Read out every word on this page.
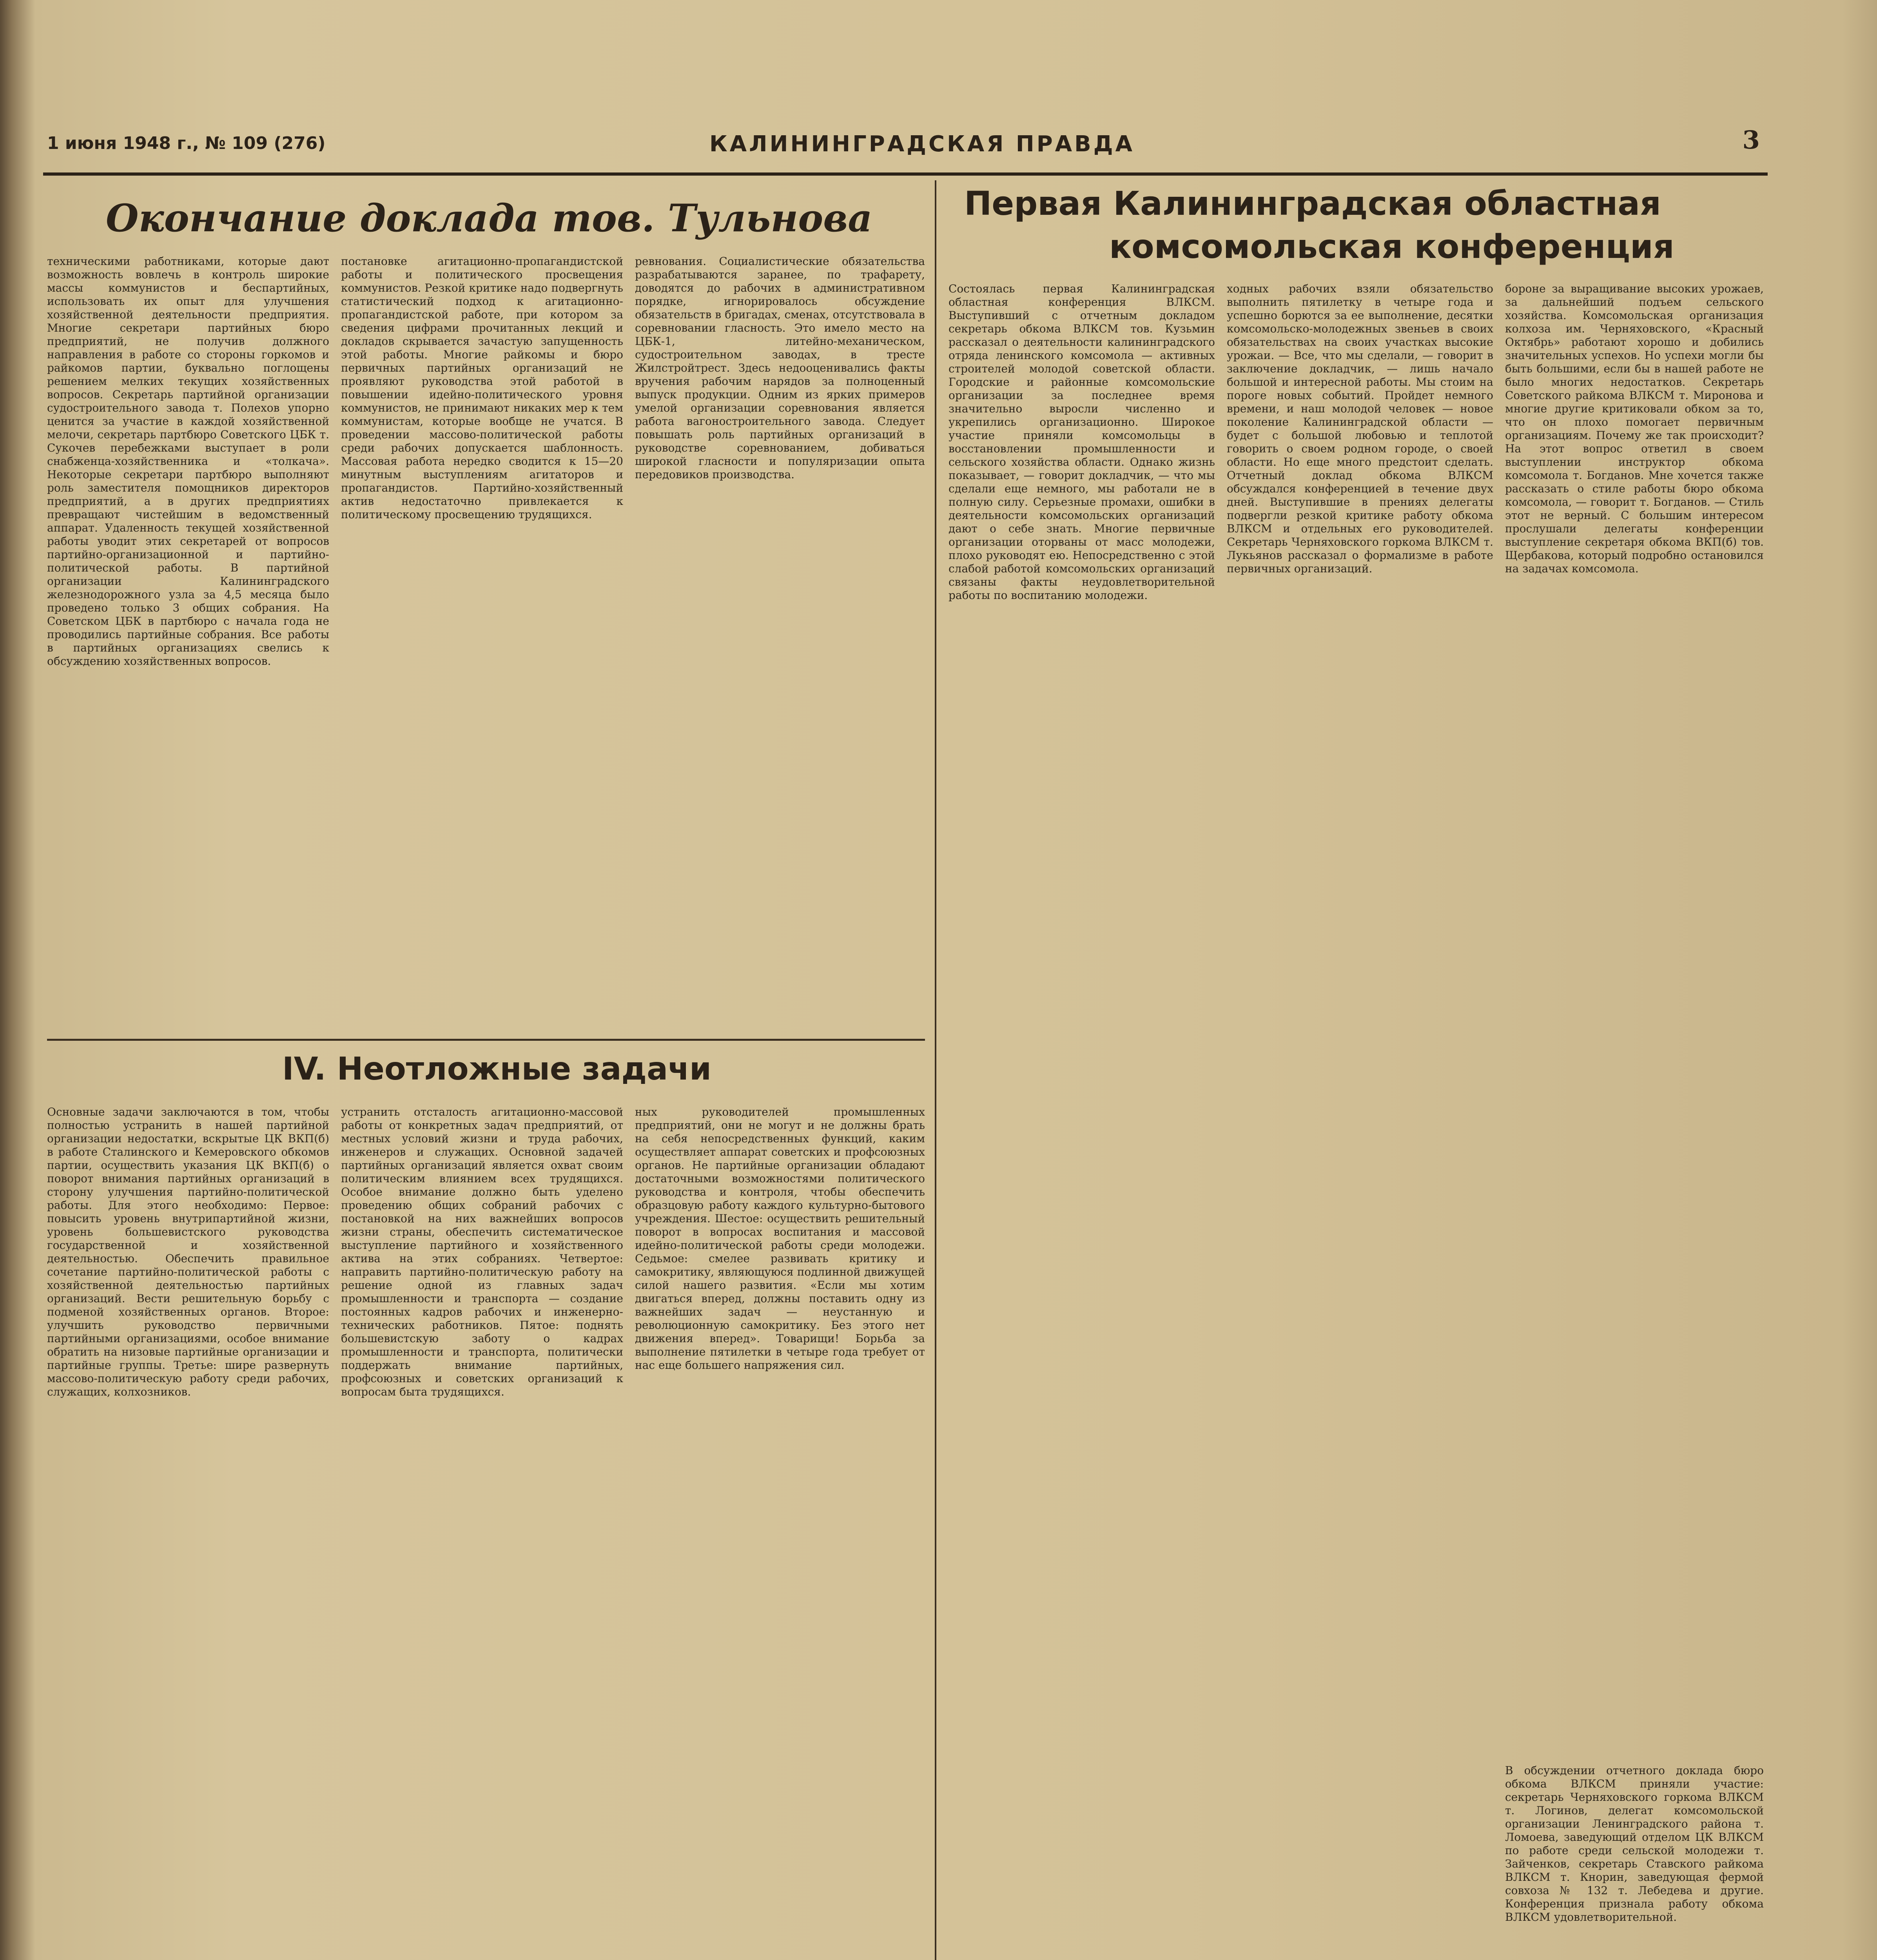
1 июня 1948 г., № 109 (276)	КАЛИНИНГРАДСКАЯ ПРАВДА	3
Окончание доклада тов. Тульнова
техническими работниками, которые дают возможность вовлечь в контроль широкие массы коммунистов и беспартийных, использовать их опыт для улучшения хозяйственной деятельности предприятия. Многие секретари партийных бюро предприятий, не получив должного направления в работе со стороны горкомов и райкомов партии, буквально поглощены решением мелких текущих хозяйственных вопросов. Секретарь партийной организации судостроительного завода т. Полехов упорно ценится за участие в каждой хозяйственной мелочи, секретарь партбюро Советского ЦБК т. Сукочев перебежками выступает в роли снабженца-хозяйственника и «толкача». Некоторые секретари партбюро выполняют роль заместителя помощников директоров предприятий, а в других предприятиях превращают чистейшим в ведомственный аппарат. Удаленность текущей хозяйственной работы уводит этих секретарей от вопросов партийно-организационной и партийно-политической работы. В партийной организации Калининградского железнодорожного узла за 4,5 месяца было проведено только 3 общих собрания. На Советском ЦБК в партбюро с начала года не проводились партийные собрания. Все работы в партийных организациях свелись к обсуждению хозяйственных вопросов.
постановке агитационно-пропагандистской работы и политического просвещения коммунистов. Резкой критике надо подвергнуть статистический подход к агитационно-пропагандистской работе, при котором за сведения цифрами прочитанных лекций и докладов скрывается зачастую запущенность этой работы. Многие райкомы и бюро первичных партийных организаций не проявляют руководства этой работой в повышении идейно-политического уровня коммунистов, не принимают никаких мер к тем коммунистам, которые вообще не учатся. В проведении массово-политической работы среди рабочих допускается шаблонность. Массовая работа нередко сводится к 15—20 минутным выступлениям агитаторов и пропагандистов. Партийно-хозяйственный актив недостаточно привлекается к политическому просвещению трудящихся.
ревнования. Социалистические обязательства разрабатываются заранее, по трафарету, доводятся до рабочих в административном порядке, игнорировалось обсуждение обязательств в бригадах, сменах, отсутствовала в соревновании гласность. Это имело место на ЦБК-1, литейно-механическом, судостроительном заводах, в тресте Жилстройтрест. Здесь недооценивались факты вручения рабочим нарядов за полноценный выпуск продукции. Одним из ярких примеров умелой организации соревнования является работа вагоностроительного завода. Следует повышать роль партийных организаций в руководстве соревнованием, добиваться широкой гласности и популяризации опыта передовиков производства.
IV. Неотложные задачи
Основные задачи заключаются в том, чтобы полностью устранить в нашей партийной организации недостатки, вскрытые ЦК ВКП(б) в работе Сталинского и Кемеровского обкомов партии, осуществить указания ЦК ВКП(б) о поворот внимания партийных организаций в сторону улучшения партийно-политической работы. Для этого необходимо: Первое: повысить уровень внутрипартийной жизни, уровень большевистского руководства государственной и хозяйственной деятельностью. Обеспечить правильное сочетание партийно-политической работы с хозяйственной деятельностью партийных организаций. Вести решительную борьбу с подменой хозяйственных органов. Второе: улучшить руководство первичными партийными организациями, особое внимание обратить на низовые партийные организации и партийные группы. Третье: шире развернуть массово-политическую работу среди рабочих, служащих, колхозников.
устранить отсталость агитационно-массовой работы от конкретных задач предприятий, от местных условий жизни и труда рабочих, инженеров и служащих. Основной задачей партийных организаций является охват своим политическим влиянием всех трудящихся. Особое внимание должно быть уделено проведению общих собраний рабочих с постановкой на них важнейших вопросов жизни страны, обеспечить систематическое выступление партийного и хозяйственного актива на этих собраниях. Четвертое: направить партийно-политическую работу на решение одной из главных задач промышленности и транспорта — создание постоянных кадров рабочих и инженерно-технических работников. Пятое: поднять большевистскую заботу о кадрах промышленности и транспорта, политически поддержать внимание партийных, профсоюзных и советских организаций к вопросам быта трудящихся.
ных руководителей промышленных предприятий, они не могут и не должны брать на себя непосредственных функций, каким осуществляет аппарат советских и профсоюзных органов. Не партийные организации обладают достаточными возможностями политического руководства и контроля, чтобы обеспечить образцовую работу каждого культурно-бытового учреждения. Шестое: осуществить решительный поворот в вопросах воспитания и массовой идейно-политической работы среди молодежи. Седьмое: смелее развивать критику и самокритику, являющуюся подлинной движущей силой нашего развития. «Если мы хотим двигаться вперед, должны поставить одну из важнейших задач — неустанную и революционную самокритику. Без этого нет движения вперед». Товарищи! Борьба за выполнение пятилетки в четыре года требует от нас еще большего напряжения сил.
Первая Калининградская областная
комсомольская конференция
Состоялась первая Калининградская областная конференция ВЛКСМ. Выступивший с отчетным докладом секретарь обкома ВЛКСМ тов. Кузьмин рассказал о деятельности калининградского отряда ленинского комсомола — активных строителей молодой советской области. Городские и районные комсомольские организации за последнее время значительно выросли численно и укрепились организационно. Широкое участие приняли комсомольцы в восстановлении промышленности и сельского хозяйства области. Однако жизнь показывает, — говорит докладчик, — что мы сделали еще немного, мы работали не в полную силу. Серьезные промахи, ошибки в деятельности комсомольских организаций дают о себе знать. Многие первичные организации оторваны от масс молодежи, плохо руководят ею. Непосредственно с этой слабой работой комсомольских организаций связаны факты неудовлетворительной работы по воспитанию молодежи.
ходных рабочих взяли обязательство выполнить пятилетку в четыре года и успешно борются за ее выполнение, десятки комсомольско-молодежных звеньев в своих обязательствах на своих участках высокие урожаи. — Все, что мы сделали, — говорит в заключение докладчик, — лишь начало большой и интересной работы. Мы стоим на пороге новых событий. Пройдет немного времени, и наш молодой человек — новое поколение Калининградской области — будет с большой любовью и теплотой говорить о своем родном городе, о своей области. Но еще много предстоит сделать. Отчетный доклад обкома ВЛКСМ обсуждался конференцией в течение двух дней. Выступившие в прениях делегаты подвергли резкой критике работу обкома ВЛКСМ и отдельных его руководителей. Секретарь Черняховского горкома ВЛКСМ т. Лукьянов рассказал о формализме в работе первичных организаций.
бороне за выращивание высоких урожаев, за дальнейший подъем сельского хозяйства. Комсомольская организация колхоза им. Черняховского, «Красный Октябрь» работают хорошо и добились значительных успехов. Но успехи могли бы быть большими, если бы в нашей работе не было многих недостатков. Секретарь Советского райкома ВЛКСМ т. Миронова и многие другие критиковали обком за то, что он плохо помогает первичным организациям. Почему же так происходит? На этот вопрос ответил в своем выступлении инструктор обкома комсомола т. Богданов. Мне хочется также рассказать о стиле работы бюро обкома комсомола, — говорит т. Богданов. — Стиль этот не верный. С большим интересом прослушали делегаты конференции выступление секретаря обкома ВКП(б) тов. Щербакова, который подробно остановился на задачах комсомола.
В обсуждении отчетного доклада бюро обкома ВЛКСМ приняли участие: секретарь Черняховского горкома ВЛКСМ т. Логинов, делегат комсомольской организации Ленинградского района т. Ломоева, заведующий отделом ЦК ВЛКСМ по работе среди сельской молодежи т. Зайченков, секретарь Ставского райкома ВЛКСМ т. Кнорин, заведующая фермой совхоза № 132 т. Лебедева и другие. Конференция признала работу обкома ВЛКСМ удовлетворительной.
